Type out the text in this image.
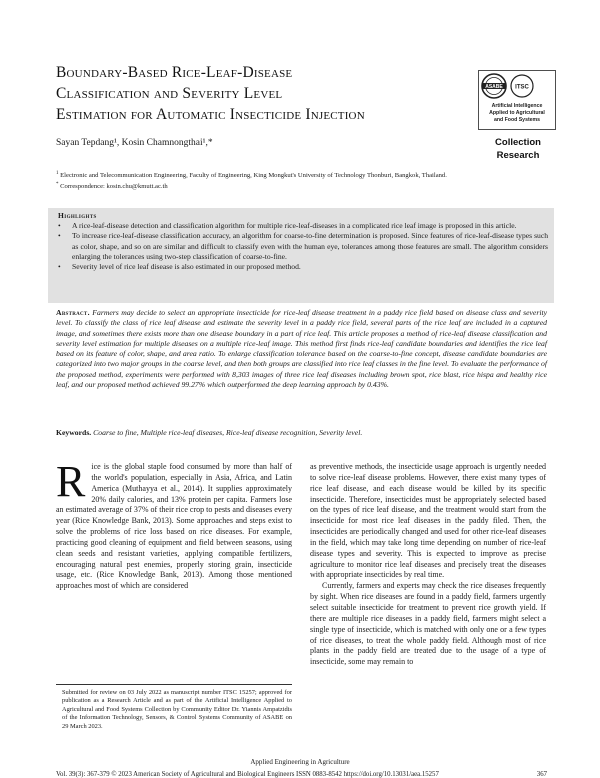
Boundary-Based Rice-Leaf-Disease
Classification and Severity Level
Estimation for Automatic Insecticide Injection
ASABE ITSC
Artificial Intelligence
Applied to Agricultural
and Food Systems
Collection
Research
Sayan Tepdang¹, Kosin Chamnongthai¹,*
$^1$ Electronic and Telecommunication Engineering, Faculty of Engineering, King Mongkut's University of Technology Thonburi, Bangkok, Thailand.
* Correspondence: kosin.chu@kmutt.ac.th
Highlights
• A rice-leaf-disease detection and classification algorithm for multiple rice-leaf-diseases in a complicated rice leaf image is proposed in this article.
• To increase rice-leaf-disease classification accuracy, an algorithm for coarse-to-fine determination is proposed. Since features of rice-leaf-disease types such as color, shape, and so on are similar and difficult to classify even with the human eye, tolerances among those features are small. The algorithm considers enlarging the tolerances using two-step classification of coarse-to-fine.
• Severity level of rice leaf disease is also estimated in our proposed method.
Abstract. Farmers may decide to select an appropriate insecticide for rice-leaf disease treatment in a paddy rice field based on disease class and severity level. To classify the class of rice leaf disease and estimate the severity level in a paddy rice field, several parts of the rice leaf are included in a captured image, and sometimes there exists more than one disease boundary in a part of rice leaf. This article proposes a method of rice-leaf disease classification and severity level estimation for multiple diseases on a multiple rice-leaf image. This method first finds rice-leaf candidate boundaries and identifies the rice leaf based on its feature of color, shape, and area ratio. To enlarge classification tolerance based on the coarse-to-fine concept, disease candidate boundaries are categorized into two major groups in the coarse level, and then both groups are classified into rice leaf classes in the fine level. To evaluate the performance of the proposed method, experiments were performed with 8,303 images of three rice leaf diseases including brown spot, rice blast, rice hispa and healthy rice leaf, and our proposed method achieved 99.27% which outperformed the deep learning approach by 0.43%.
Keywords. Coarse to fine, Multiple rice-leaf diseases, Rice-leaf disease recognition, Severity level.
R ice is the global staple food consumed by more than half of the world's population, especially in Asia, Africa, and Latin America (Muthayya et al., 2014). It supplies approximately 20% daily calories, and 13% protein per capita. Farmers lose an estimated average of 37% of their rice crop to pests and diseases every year (Rice Knowledge Bank, 2013). Some approaches and steps exist to solve the problems of rice loss based on rice diseases. For example, practicing good cleaning of equipment and field between seasons, using clean seeds and resistant varieties, applying compatible fertilizers, encouraging natural pest enemies, properly storing grain, insecticide usage, etc. (Rice Knowledge Bank, 2013). Among those mentioned approaches most of which are considered

as preventive methods, the insecticide usage approach is urgently needed to solve rice-leaf disease problems. However, there exist many types of rice leaf disease, and each disease would be killed by its specific insecticide. Therefore, insecticides must be appropriately selected based on the types of rice leaf disease, and the treatment would start from the insecticide for most rice leaf diseases in the paddy filed. Then, the insecticides are periodically changed and used for other rice-leaf diseases in the field, which may take long time depending on number of rice-leaf disease types and severity. This is expected to improve as precise agriculture to monitor rice leaf diseases and precisely treat the diseases with appropriate insecticides by real time.

Currently, farmers and experts may check the rice diseases frequently by sight. When rice diseases are found in a paddy field, farmers urgently select suitable insecticide for treatment to prevent rice growth yield. If there are multiple rice diseases in a paddy field, farmers might select a single type of insecticide, which is matched with only one or a few types of rice diseases, to treat the whole paddy field. Although most of rice plants in the paddy field are treated due to the usage of a type of insecticide, some may remain to

Submitted for review on 03 July 2022 as manuscript number ITSC 15257; approved for publication as a Research Article and as part of the Artificial Intelligence Applied to Agricultural and Food Systems Collection by Community Editor Dr. Yiannis Ampatzidis of the Information Technology, Sensors, & Control Systems Community of ASABE on 29 March 2023.
Applied Engineering in Agriculture
Vol. 39(3): 367-379 © 2023 American Society of Agricultural and Biological Engineers ISSN 0883-8542 https://doi.org/10.13031/aea.15257	367
